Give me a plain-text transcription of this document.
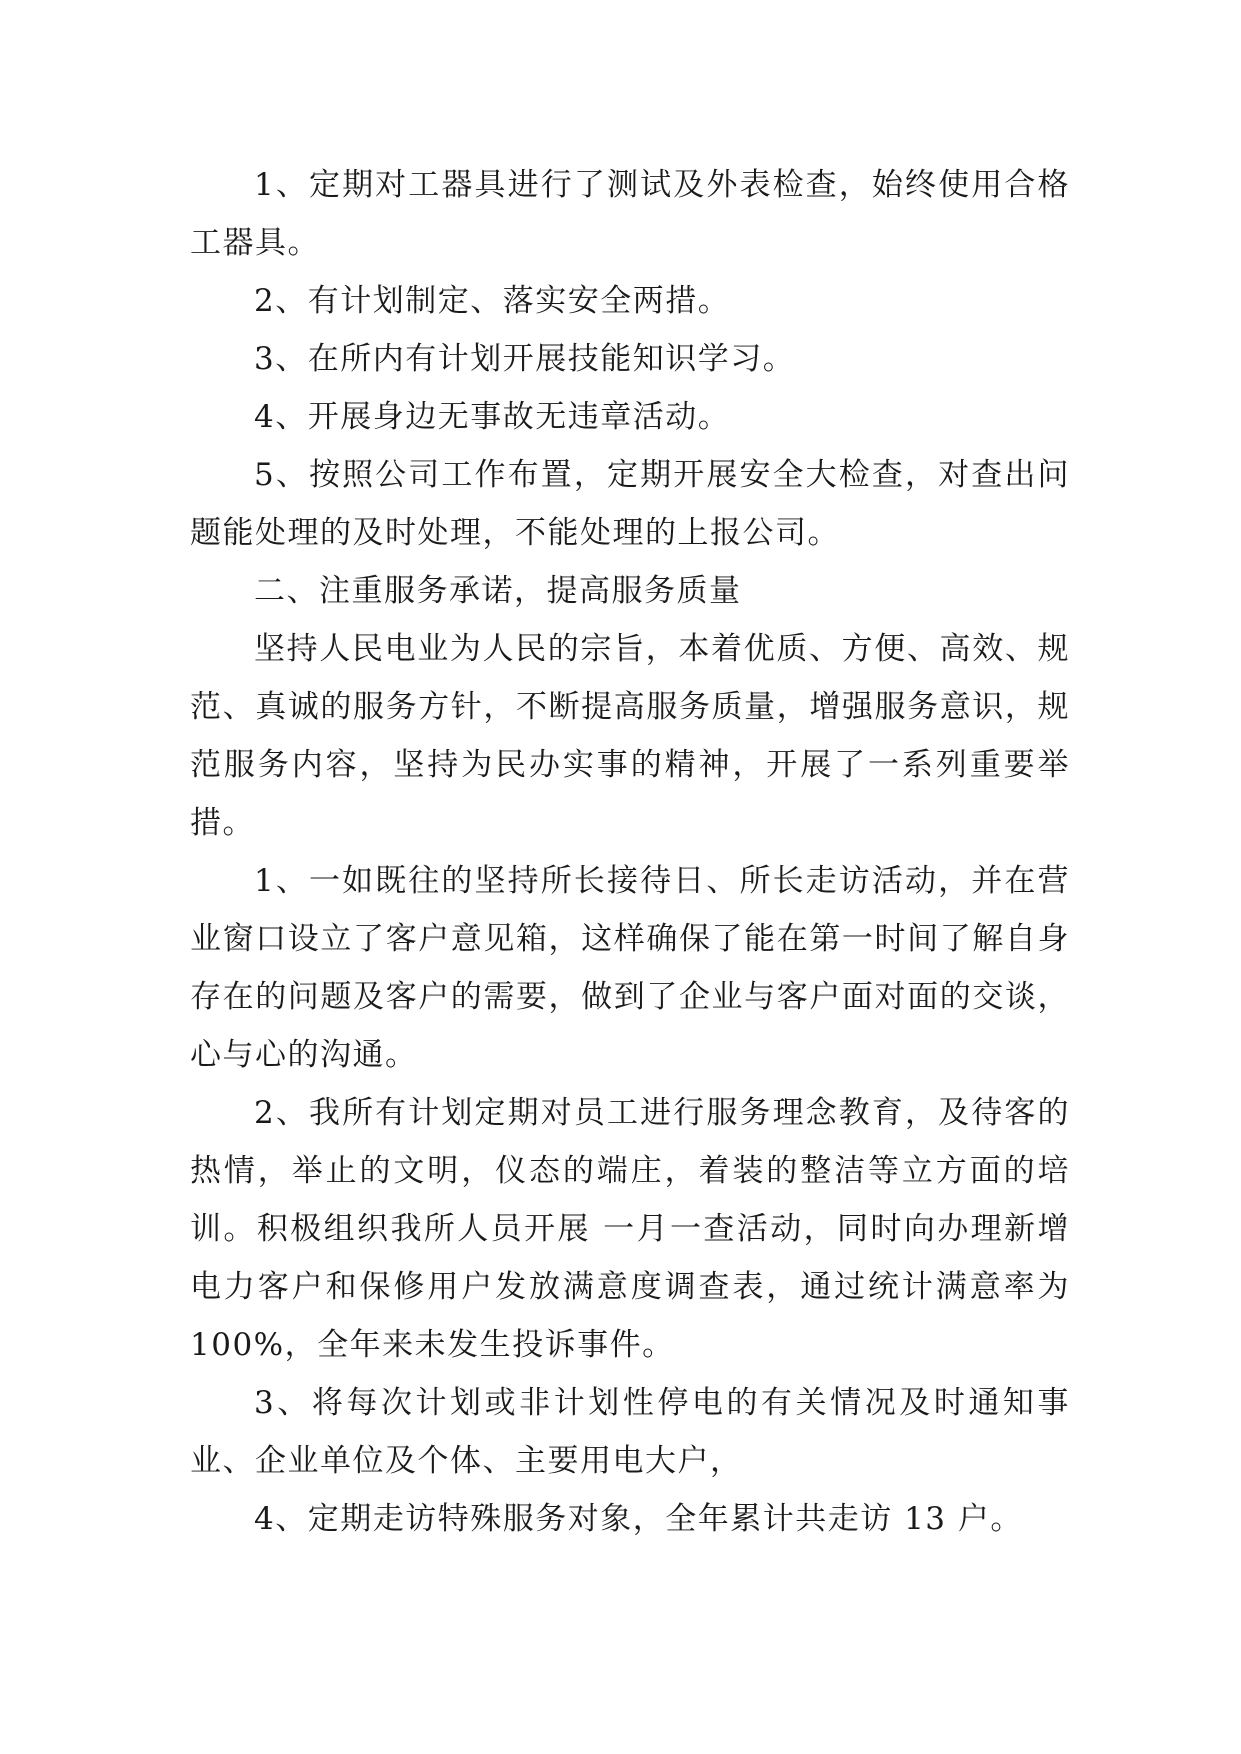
1、定期对工器具进行了测试及外表检查，始终使用合格工器具。

2、有计划制定、落实安全两措。

3、在所内有计划开展技能知识学习。

4、开展身边无事故无违章活动。

5、按照公司工作布置，定期开展安全大检查，对查出问题能处理的及时处理，不能处理的上报公司。

二、注重服务承诺，提高服务质量

坚持人民电业为人民的宗旨，本着优质、方便、高效、规范、真诚的服务方针，不断提高服务质量，增强服务意识，规范服务内容，坚持为民办实事的精神，开展了一系列重要举措。

1、一如既往的坚持所长接待日、所长走访活动，并在营业窗口设立了客户意见箱，这样确保了能在第一时间了解自身存在的问题及客户的需要，做到了企业与客户面对面的交谈，心与心的沟通。

2、我所有计划定期对员工进行服务理念教育，及待客的热情，举止的文明，仪态的端庄，着装的整洁等立方面的培训。积极组织我所人员开展 一月一查活动，同时向办理新增电力客户和保修用户发放满意度调查表，通过统计满意率为 100%，全年来未发生投诉事件。

3、将每次计划或非计划性停电的有关情况及时通知事业、企业单位及个体、主要用电大户，

4、定期走访特殊服务对象，全年累计共走访 13 户。
